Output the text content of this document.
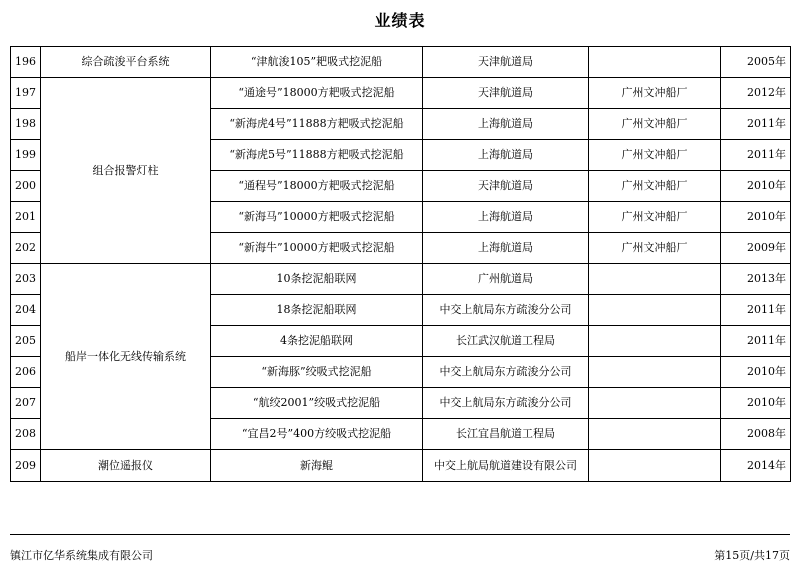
业绩表
196	综合疏浚平台系统	“津航浚105”耙吸式挖泥船	天津航道局		2005年
197	组合报警灯柱	“通途号”18000方耙吸式挖泥船	天津航道局	广州文冲船厂	2012年
198		“新海虎4号”11888方耙吸式挖泥船	上海航道局	广州文冲船厂	2011年
199		“新海虎5号”11888方耙吸式挖泥船	上海航道局	广州文冲船厂	2011年
200		“通程号”18000方耙吸式挖泥船	天津航道局	广州文冲船厂	2010年
201		“新海马”10000方耙吸式挖泥船	上海航道局	广州文冲船厂	2010年
202		“新海牛”10000方耙吸式挖泥船	上海航道局	广州文冲船厂	2009年
203	船岸一体化无线传输系统	10条挖泥船联网	广州航道局		2013年
204		18条挖泥船联网	中交上航局东方疏浚分公司		2011年
205		4条挖泥船联网	长江武汉航道工程局		2011年
206		“新海豚”绞吸式挖泥船	中交上航局东方疏浚分公司		2010年
207		“航绞2001”绞吸式挖泥船	中交上航局东方疏浚分公司		2010年
208		“宜昌2号”400方绞吸式挖泥船	长江宜昌航道工程局		2008年
209	潮位遥报仪	新海鲲	中交上航局航道建设有限公司		2014年
镇江市亿华系统集成有限公司	第15页/共17页
